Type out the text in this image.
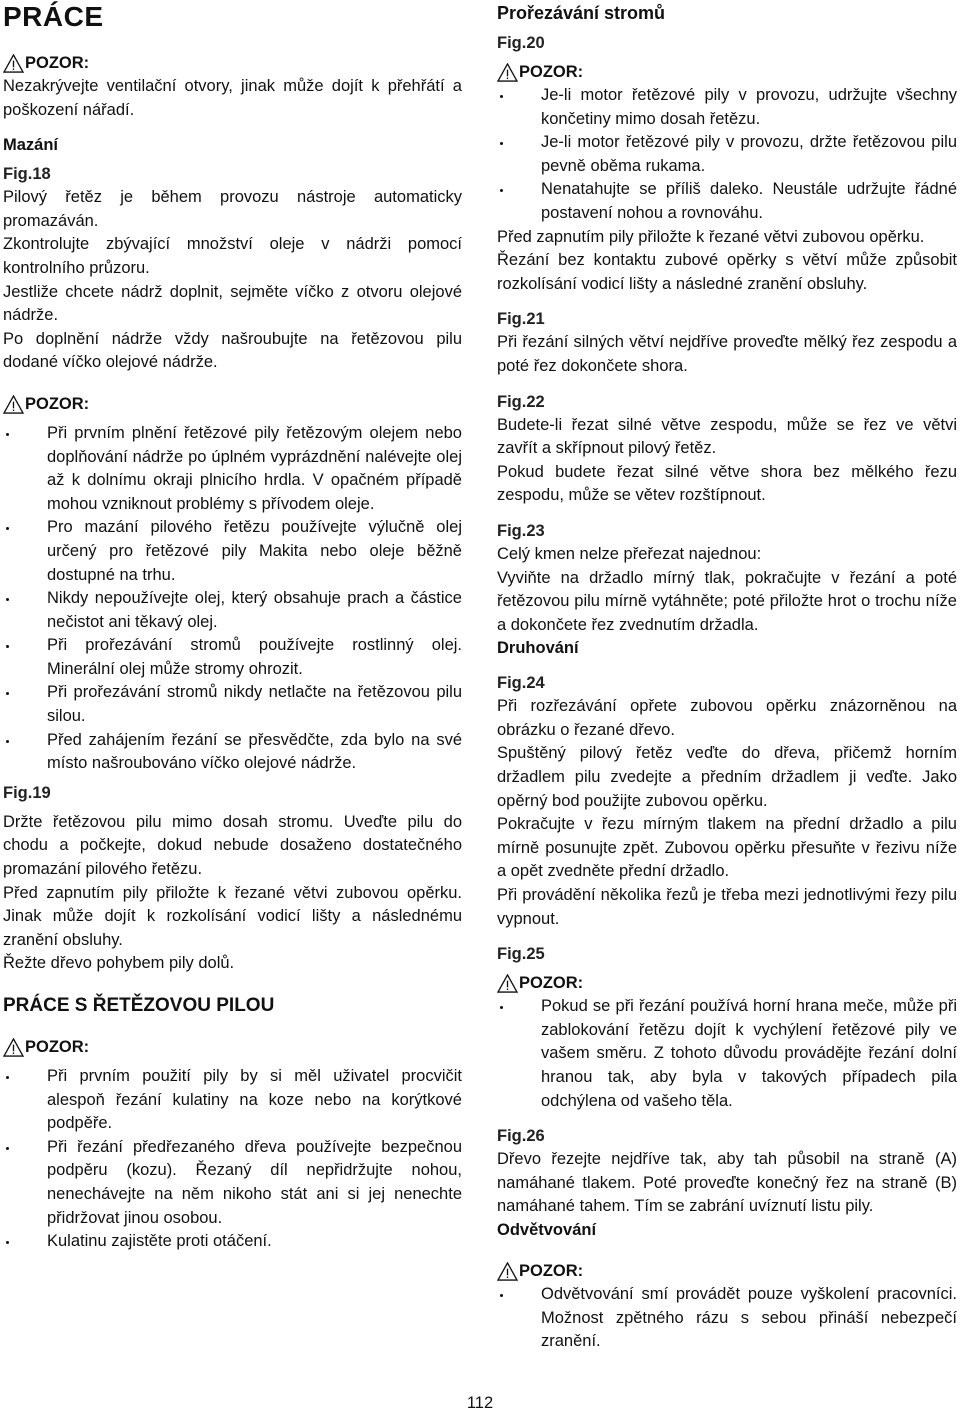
PRÁCE
POZOR:

Nezakrývejte ventilační otvory, jinak může dojít k přehřátí a poškození nářadí.

Mazání
Fig.18

Pilový řetěz je během provozu nástroje automaticky promazáván.

Zkontrolujte zbývající množství oleje v nádrži pomocí kontrolního průzoru.

Jestliže chcete nádrž doplnit, sejměte víčko z otvoru olejové nádrže.

Po doplnění nádrže vždy našroubujte na řetězovou pilu dodané víčko olejové nádrže.

POZOR:
Při prvním plnění řetězové pily řetězovým olejem nebo doplňování nádrže po úplném vyprázdnění nalévejte olej až k dolnímu okraji plnicího hrdla. V opačném případě mohou vzniknout problémy s přívodem oleje.
Pro mazání pilového řetězu používejte výlučně olej určený pro řetězové pily Makita nebo oleje běžně dostupné na trhu.
Nikdy nepoužívejte olej, který obsahuje prach a částice nečistot ani těkavý olej.
Při prořezávání stromů používejte rostlinný olej. Minerální olej může stromy ohrozit.
Při prořezávání stromů nikdy netlačte na řetězovou pilu silou.
Před zahájením řezání se přesvědčte, zda bylo na své místo našroubováno víčko olejové nádrže.
Fig.19

Držte řetězovou pilu mimo dosah stromu. Uveďte pilu do chodu a počkejte, dokud nebude dosaženo dostatečného promazání pilového řetězu.

Před zapnutím pily přiložte k řezané větvi zubovou opěrku. Jinak může dojít k rozkolísání vodicí lišty a následnému zranění obsluhy.

Řežte dřevo pohybem pily dolů.

PRÁCE S ŘETĚZOVOU PILOU
POZOR:
Při prvním použití pily by si měl uživatel procvičit alespoň řezání kulatiny na koze nebo na korýtkové podpěře.
Při řezání předřezaného dřeva používejte bezpečnou podpěru (kozu). Řezaný díl nepřidržujte nohou, nenechávejte na něm nikoho stát ani si jej nenechte přidržovat jinou osobou.
Kulatinu zajistěte proti otáčení.
Prořezávání stromů
Fig.20
POZOR:
Je-li motor řetězové pily v provozu, udržujte všechny končetiny mimo dosah řetězu.
Je-li motor řetězové pily v provozu, držte řetězovou pilu pevně oběma rukama.
Nenatahujte se příliš daleko. Neustále udržujte řádné postavení nohou a rovnováhu.

Před zapnutím pily přiložte k řezané větvi zubovou opěrku.

Řezání bez kontaktu zubové opěrky s větví může způsobit rozkolísání vodicí lišty a následné zranění obsluhy.

Fig.21

Při řezání silných větví nejdříve proveďte mělký řez zespodu a poté řez dokončete shora.

Fig.22

Budete-li řezat silné větve zespodu, může se řez ve větvi zavřít a skřípnout pilový řetěz.

Pokud budete řezat silné větve shora bez mělkého řezu zespodu, může se větev rozštípnout.

Fig.23

Celý kmen nelze přeřezat najednou:

Vyviňte na držadlo mírný tlak, pokračujte v řezání a poté řetězovou pilu mírně vytáhněte; poté přiložte hrot o trochu níže a dokončete řez zvednutím držadla.

Druhování
Fig.24

Při rozřezávání opřete zubovou opěrku znázorněnou na obrázku o řezané dřevo.

Spuštěný pilový řetěz veďte do dřeva, přičemž horním držadlem pilu zvedejte a předním držadlem ji veďte. Jako opěrný bod použijte zubovou opěrku.

Pokračujte v řezu mírným tlakem na přední držadlo a pilu mírně posunujte zpět. Zubovou opěrku přesuňte v řezivu níže a opět zvedněte přední držadlo.

Při provádění několika řezů je třeba mezi jednotlivými řezy pilu vypnout.

Fig.25
POZOR:
Pokud se při řezání používá horní hrana meče, může při zablokování řetězu dojít k vychýlení řetězové pily ve vašem směru. Z tohoto důvodu provádějte řezání dolní hranou tak, aby byla v takových případech pila odchýlena od vašeho těla.
Fig.26

Dřevo řezejte nejdříve tak, aby tah působil na straně (A) namáhané tlakem. Poté proveďte konečný řez na straně (B) namáhané tahem. Tím se zabrání uvíznutí listu pily.

Odvětvování
POZOR:
Odvětvování smí provádět pouze vyškolení pracovníci. Možnost zpětného rázu s sebou přináší nebezpečí zranění.
112
